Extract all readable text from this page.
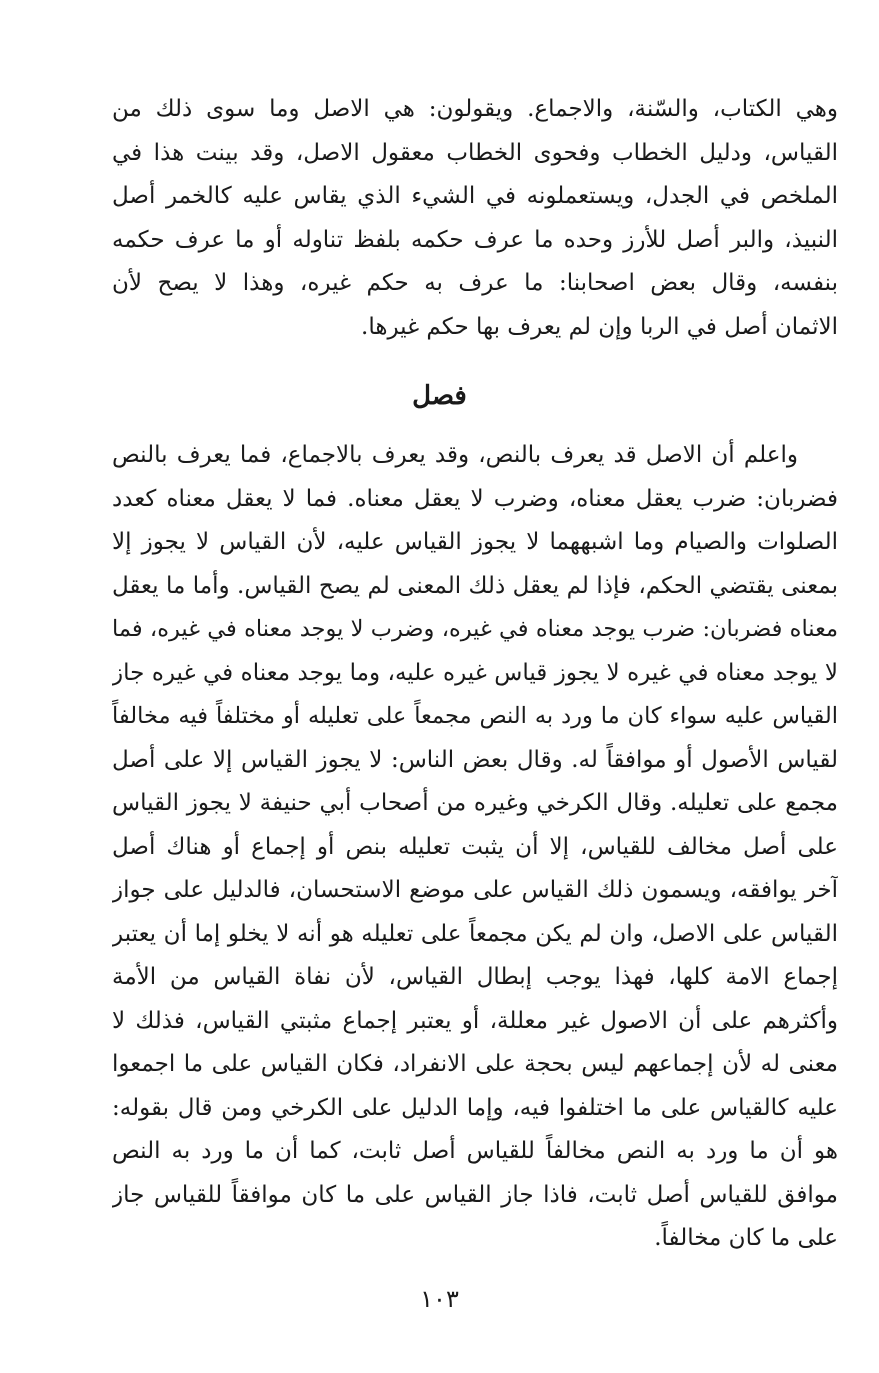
وهي الكتاب، والسّنة، والاجماع. ويقولون: هي الاصل وما سوى ذلك من
القياس، ودليل الخطاب وفحوى الخطاب معقول الاصل، وقد بينت هذا في
الملخص في الجدل، ويستعملونه في الشيء الذي يقاس عليه كالخمر أصل
النبيذ، والبر أصل للأرز وحده ما عرف حكمه بلفظ تناوله أو ما عرف حكمه
بنفسه، وقال بعض اصحابنا: ما عرف به حكم غيره، وهذا لا يصح لأن
الاثمان أصل في الربا وإن لم يعرف بها حكم غيرها.
فصل
واعلم أن الاصل قد يعرف بالنص، وقد يعرف بالاجماع، فما يعرف بالنص
فضربان: ضرب يعقل معناه، وضرب لا يعقل معناه. فما لا يعقل معناه كعدد
الصلوات والصيام وما اشبههما لا يجوز القياس عليه، لأن القياس لا يجوز إلا
بمعنى يقتضي الحكم، فإذا لم يعقل ذلك المعنى لم يصح القياس. وأما ما يعقل
معناه فضربان: ضرب يوجد معناه في غيره، وضرب لا يوجد معناه في غيره، فما
لا يوجد معناه في غيره لا يجوز قياس غيره عليه، وما يوجد معناه في غيره جاز
القياس عليه سواء كان ما ورد به النص مجمعاً على تعليله أو مختلفاً فيه مخالفاً
لقياس الأصول أو موافقاً له. وقال بعض الناس: لا يجوز القياس إلا على أصل
مجمع على تعليله. وقال الكرخي وغيره من أصحاب أبي حنيفة لا يجوز القياس
على أصل مخالف للقياس، إلا أن يثبت تعليله بنص أو إجماع أو هناك أصل
آخر يوافقه، ويسمون ذلك القياس على موضع الاستحسان، فالدليل على جواز
القياس على الاصل، وان لم يكن مجمعاً على تعليله هو أنه لا يخلو إما أن يعتبر
إجماع الامة كلها، فهذا يوجب إبطال القياس، لأن نفاة القياس من الأمة
وأكثرهم على أن الاصول غير معللة، أو يعتبر إجماع مثبتي القياس، فذلك لا
معنى له لأن إجماعهم ليس بحجة على الانفراد، فكان القياس على ما اجمعوا
عليه كالقياس على ما اختلفوا فيه، وإما الدليل على الكرخي ومن قال بقوله:
هو أن ما ورد به النص مخالفاً للقياس أصل ثابت، كما أن ما ورد به النص
موافق للقياس أصل ثابت، فاذا جاز القياس على ما كان موافقاً للقياس جاز
على ما كان مخالفاً.
١٠٣
